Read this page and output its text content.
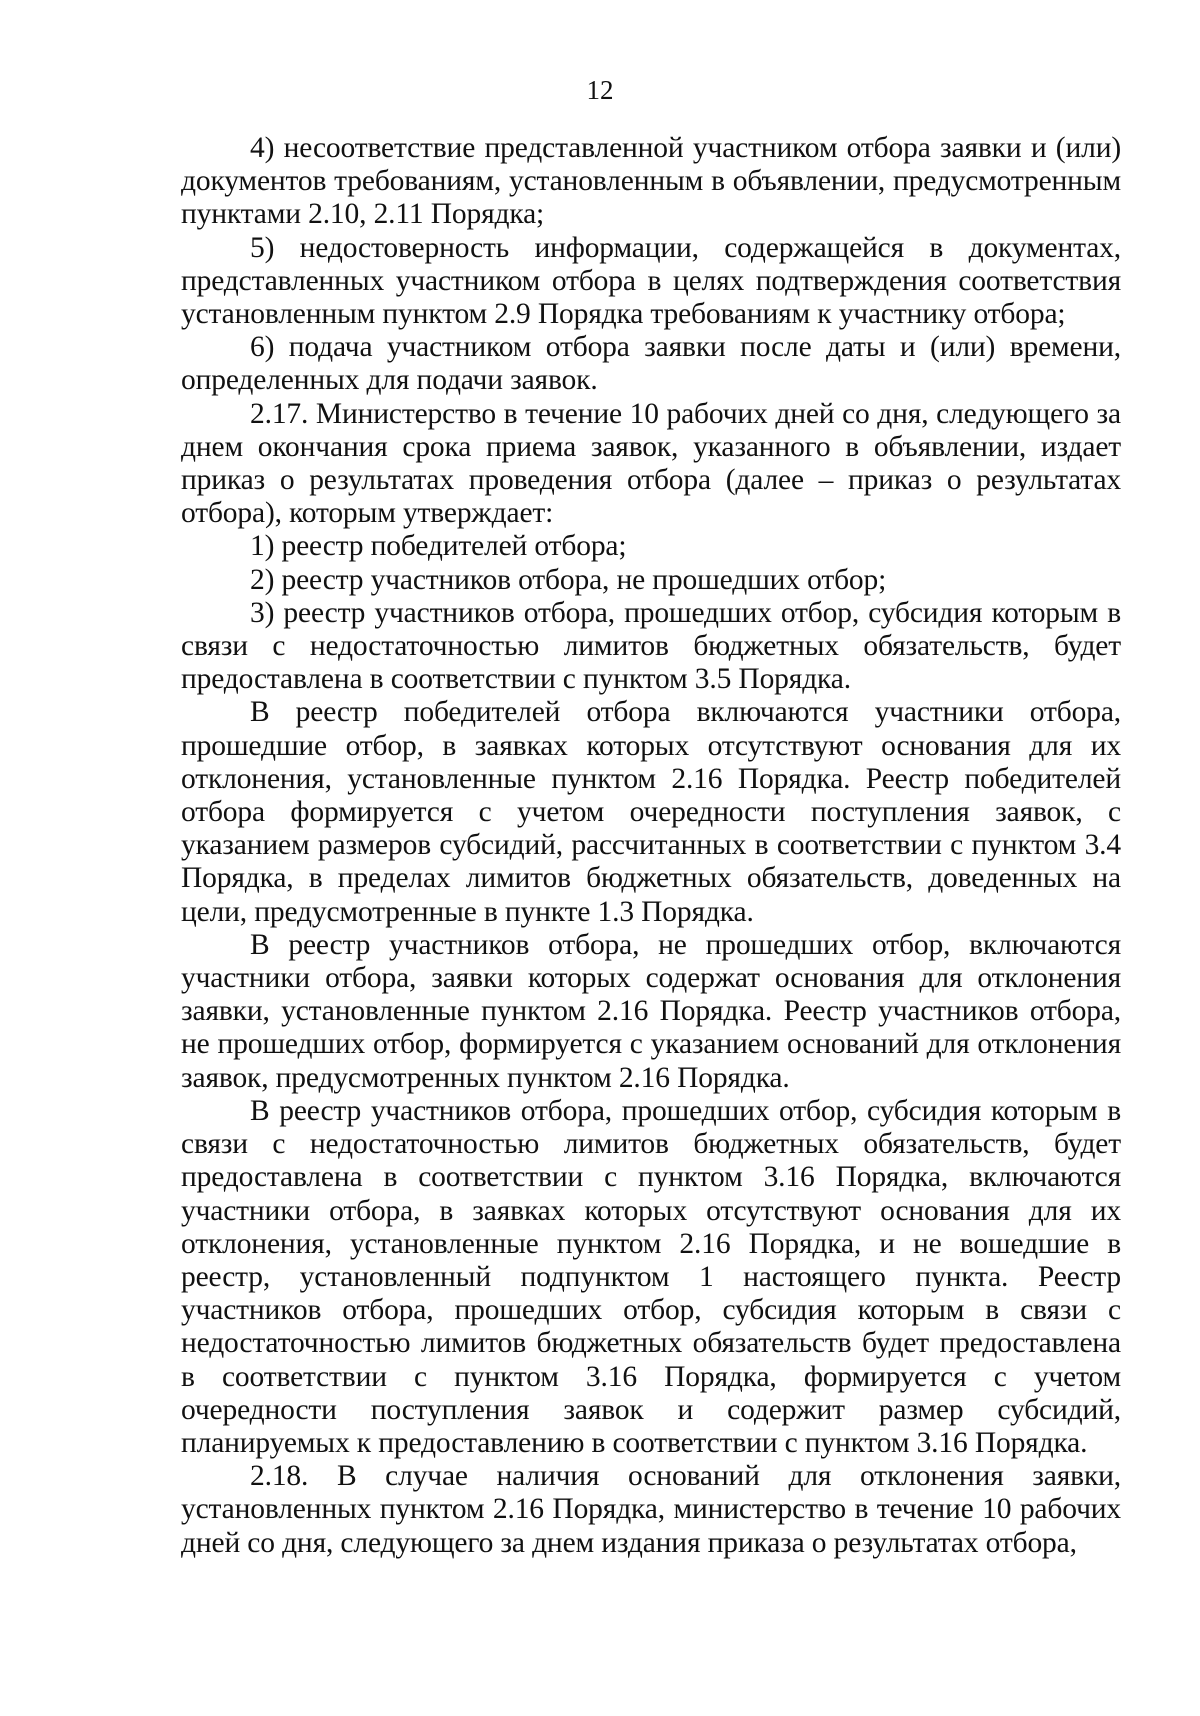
12

4) несоответствие представленной участником отбора заявки и (или) документов требованиям, установленным в объявлении, предусмотренным пунктами 2.10, 2.11 Порядка;

5) недостоверность информации, содержащейся в документах, представленных участником отбора в целях подтверждения соответствия установленным пунктом 2.9 Порядка требованиям к участнику отбора;

6) подача участником отбора заявки после даты и (или) времени, определенных для подачи заявок.

2.17. Министерство в течение 10 рабочих дней со дня, следующего за днем окончания срока приема заявок, указанного в объявлении, издает приказ о результатах проведения отбора (далее – приказ о результатах отбора), которым утверждает:

1) реестр победителей отбора;

2) реестр участников отбора, не прошедших отбор;

3) реестр участников отбора, прошедших отбор, субсидия которым в связи с недостаточностью лимитов бюджетных обязательств, будет предоставлена в соответствии с пунктом 3.5 Порядка.

В реестр победителей отбора включаются участники отбора, прошедшие отбор, в заявках которых отсутствуют основания для их отклонения, установленные пунктом 2.16 Порядка. Реестр победителей отбора формируется с учетом очередности поступления заявок, с указанием размеров субсидий, рассчитанных в соответствии с пунктом 3.4 Порядка, в пределах лимитов бюджетных обязательств, доведенных на цели, предусмотренные в пункте 1.3 Порядка.

В реестр участников отбора, не прошедших отбор, включаются участники отбора, заявки которых содержат основания для отклонения заявки, установленные пунктом 2.16 Порядка. Реестр участников отбора, не прошедших отбор, формируется с указанием оснований для отклонения заявок, предусмотренных пунктом 2.16 Порядка.

В реестр участников отбора, прошедших отбор, субсидия которым в связи с недостаточностью лимитов бюджетных обязательств, будет предоставлена в соответствии с пунктом 3.16 Порядка, включаются участники отбора, в заявках которых отсутствуют основания для их отклонения, установленные пунктом 2.16 Порядка, и не вошедшие в реестр, установленный подпунктом 1 настоящего пункта. Реестр участников отбора, прошедших отбор, субсидия которым в связи с недостаточностью лимитов бюджетных обязательств будет предоставлена в соответствии с пунктом 3.16 Порядка, формируется с учетом очередности поступления заявок и содержит размер субсидий, планируемых к предоставлению в соответствии с пунктом 3.16 Порядка.

2.18. В случае наличия оснований для отклонения заявки, установленных пунктом 2.16 Порядка, министерство в течение 10 рабочих дней со дня, следующего за днем издания приказа о результатах отбора,
